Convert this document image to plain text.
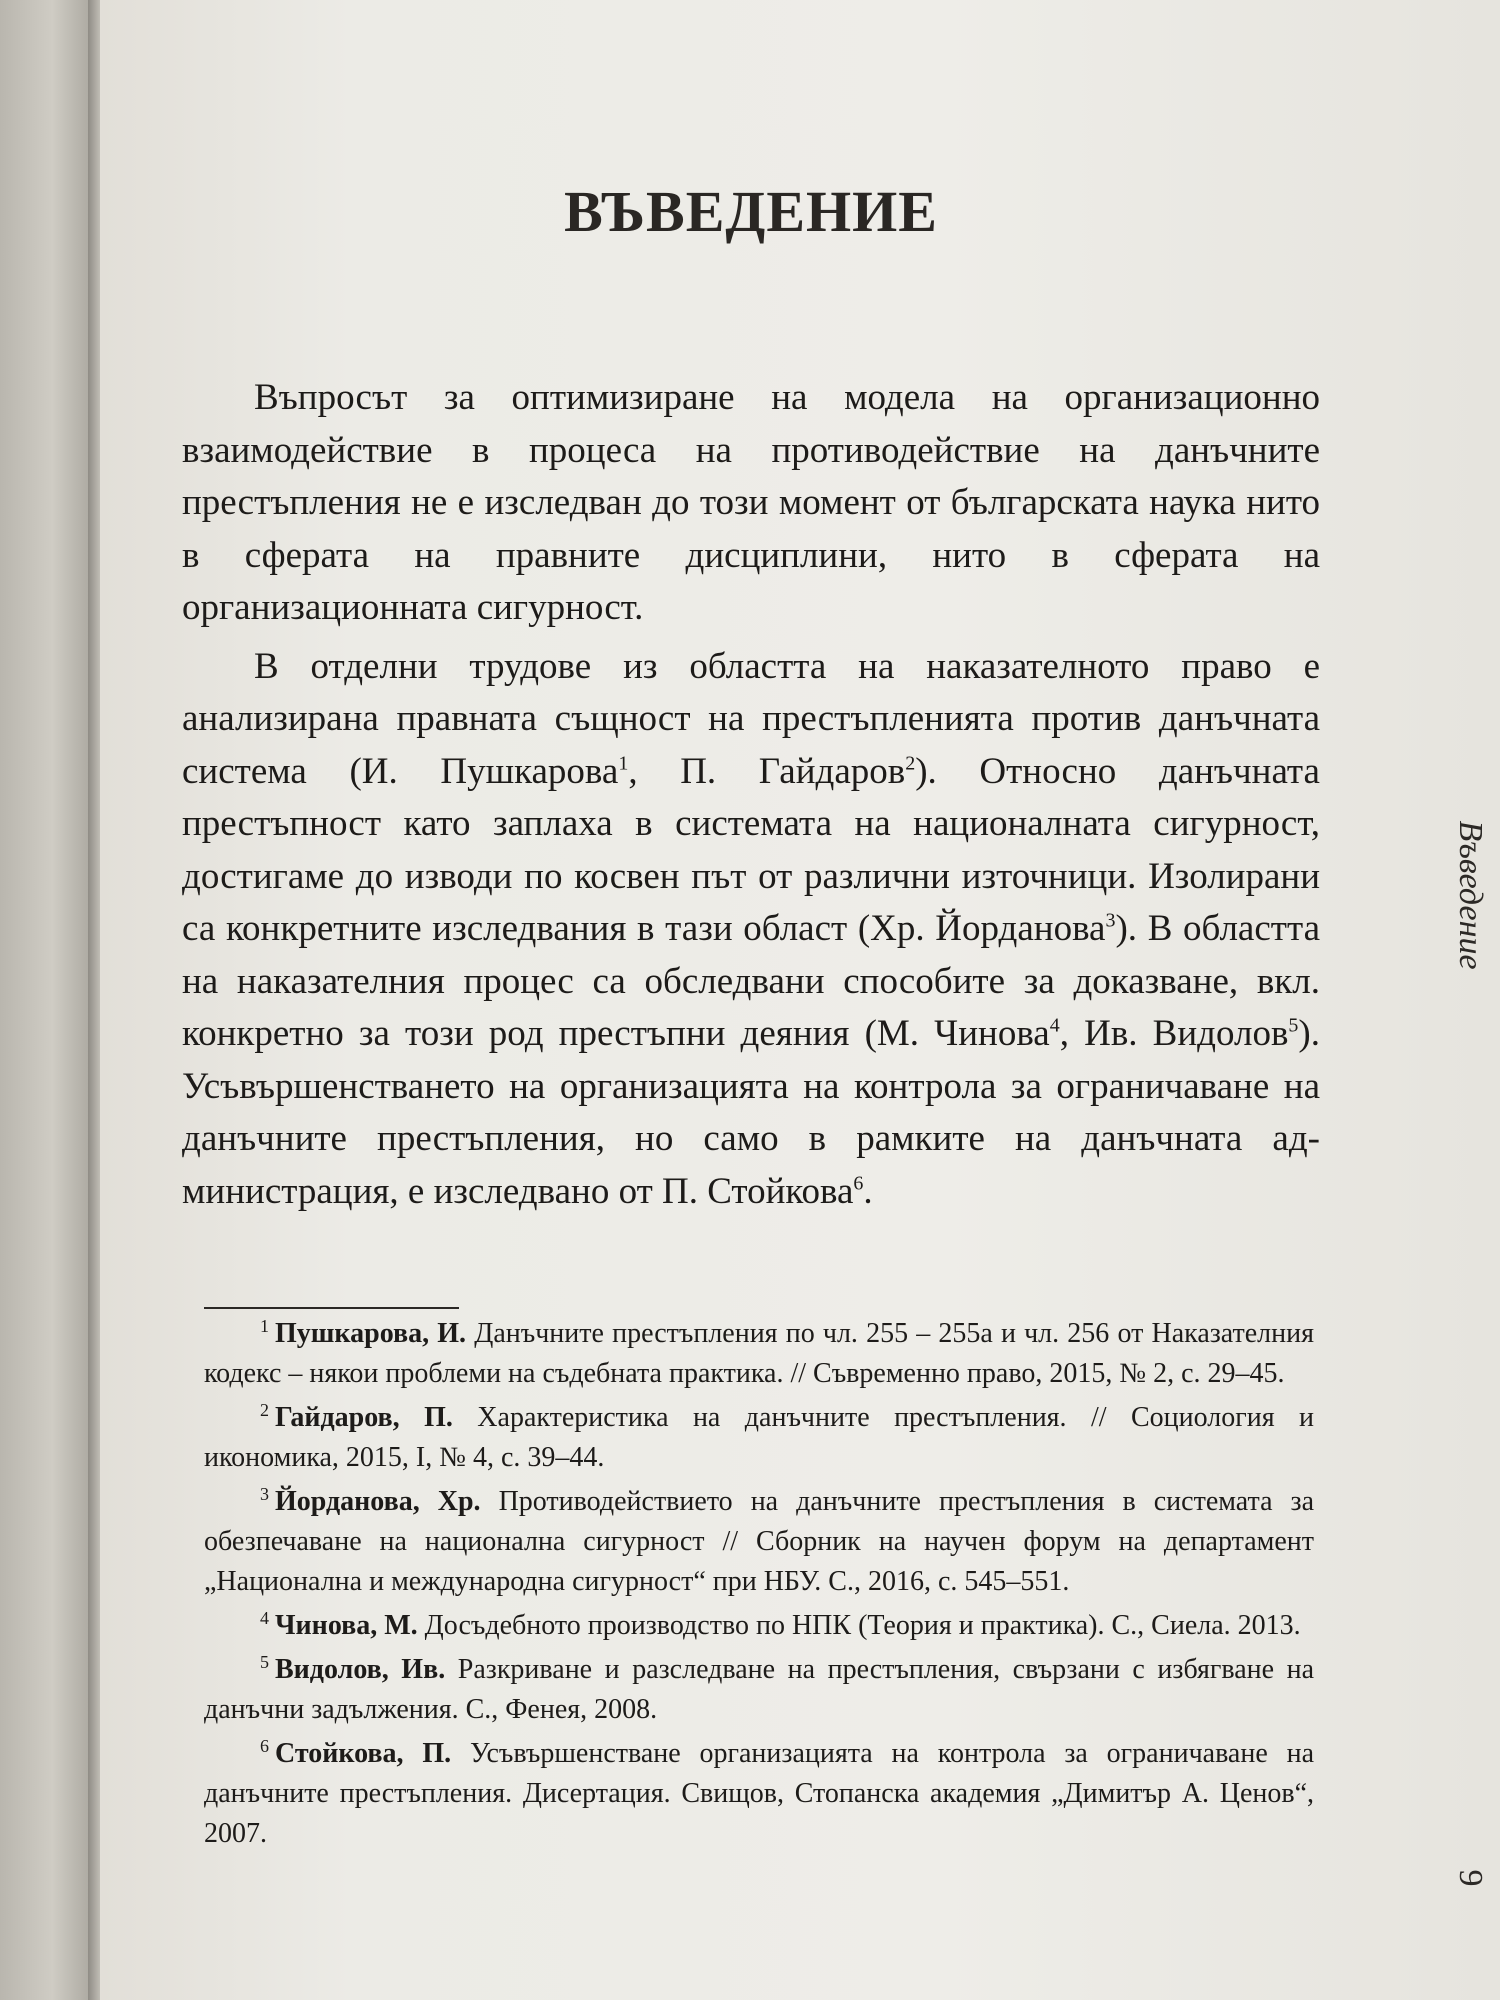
ВЪВЕДЕНИЕ

Въпросът за оптимизиране на модела на организационно взаимодействие в процеса на противодействие на данъчните престъпления не е изследван до този момент от българската наука нито в сферата на правните дисциплини, нито в сферата на организационната сигурност.

В отделни трудове из областта на наказателното право е анализирана правната същност на престъпленията против данъчната система (И. Пушкарова$^1$, П. Гайдаров$^2$). Относно данъчната престъпност като заплаха в системата на националната сигурност, достигаме до изводи по косвен път от различни източници. Изолирани са конкретните изследвания в тази област (Хр. Йорданова$^3$). В областта на наказателния процес са обследвани способите за доказване, вкл. конкретно за този род престъпни деяния (М. Чинова$^4$, Ив. Видолов$^5$). Усъвършенстването на организацията на контрола за ограничаване на данъчните престъпления, но само в рамките на данъчната администрация, е изследвано от П. Стойкова$^6$.

$^1$ Пушкарова, И. Данъчните престъпления по чл. 255 – 255а и чл. 256 от Наказателния кодекс – някои проблеми на съдебната практика. // Съвременно право, 2015, № 2, с. 29–45.

$^2$ Гайдаров, П. Характеристика на данъчните престъпления. // Социология и икономика, 2015, I, № 4, с. 39–44.

$^3$ Йорданова, Хр. Противодействието на данъчните престъпления в системата за обезпечаване на национална сигурност // Сборник на научен форум на департамент „Национална и международна сигурност“ при НБУ. С., 2016, с. 545–551.

$^4$ Чинова, М. Досъдебното производство по НПК (Теория и практика). С., Сиела. 2013.

$^5$ Видолов, Ив. Разкриване и разследване на престъпления, свързани с избягване на данъчни задължения. С., Фенея, 2008.

$^6$ Стойкова, П. Усъвършенстване организацията на контрола за ограничаване на данъчните престъпления. Дисертация. Свищов, Стопанска академия „Димитър А. Ценов“, 2007.

Въведение
9
